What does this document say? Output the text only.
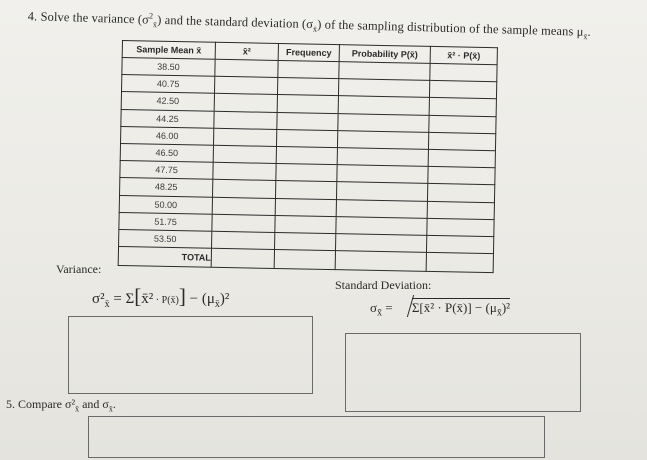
4. Solve the variance $(\sigma^2_{x̄})$ and the standard deviation $(\sigma_{x̄})$ of the sampling distribution of the sample means $\mu_{x̄}$.
Sample Mean x̄	x̄²	Frequency	Probability P(x̄)	x̄² · P(x̄)
38.50				
40.75				
42.50				
44.25				
46.00				
46.50				
47.75				
48.25				
50.00				
51.75				
53.50				
TOTAL				
Variance:
$\sigma^2_{x̄}$ = Σ[x̄² · P(x̄)] − $(\mu_{x̄})^2$
Standard Deviation:
$\sigma_{x̄}$ = Σ[x̄² · P(x̄)] − $(\mu_{x̄})^2$
5. Compare $\sigma^2_{x̄}$ and $\sigma_{x̄}$.
